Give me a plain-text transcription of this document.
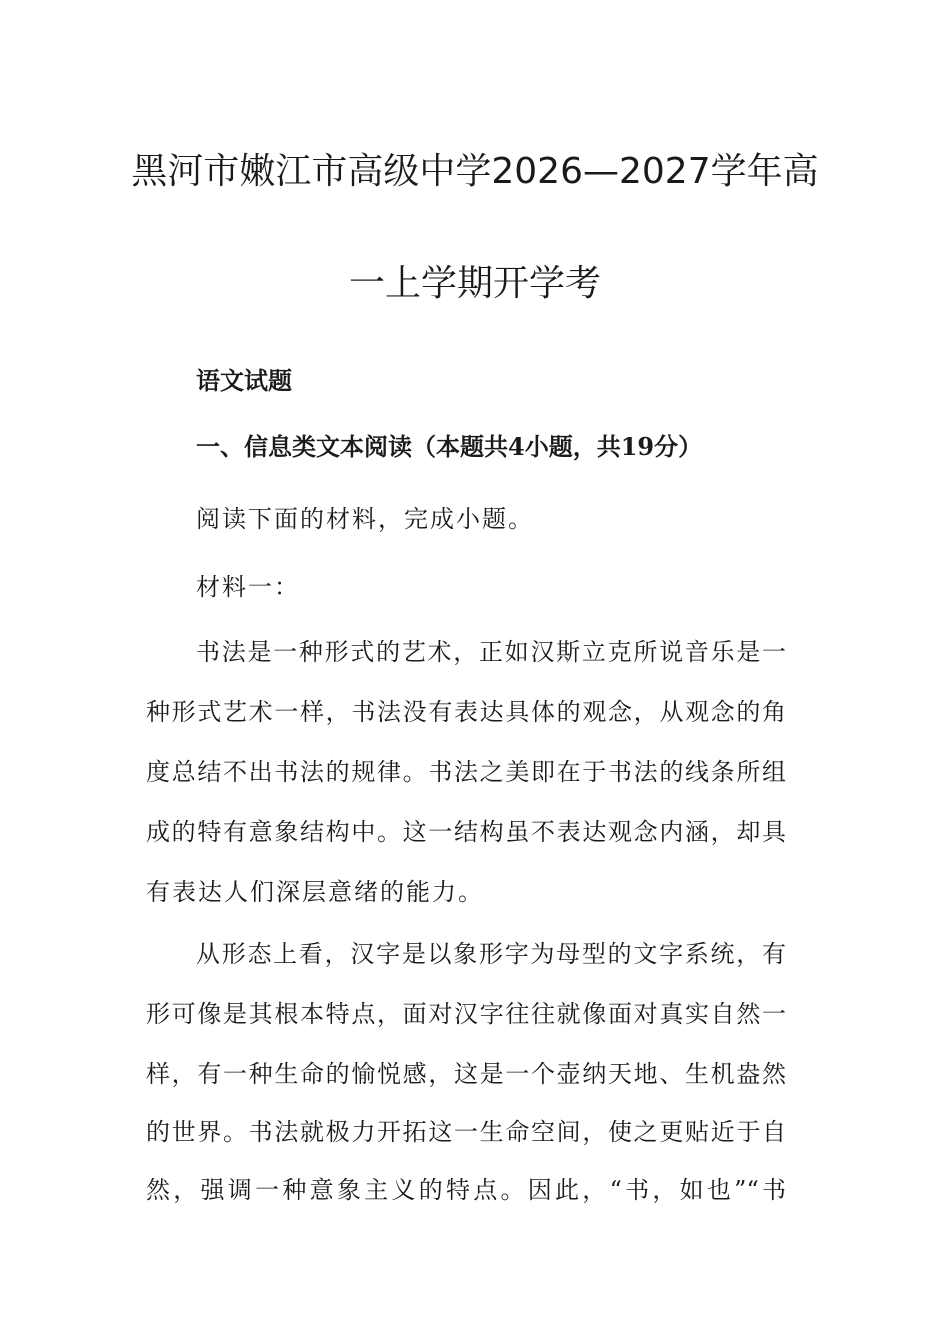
黑河市嫩江市高级中学2026—2027学年高
一上学期开学考
语文试题
一、信息类文本阅读（本题共4小题，共19分）
阅读下面的材料，完成小题。
材料一：
书法是一种形式的艺术，正如汉斯立克所说音乐是一
种形式艺术一样，书法没有表达具体的观念，从观念的角
度总结不出书法的规律。书法之美即在于书法的线条所组
成的特有意象结构中。这一结构虽不表达观念内涵，却具
有表达人们深层意绪的能力。
从形态上看，汉字是以象形字为母型的文字系统，有
形可像是其根本特点，面对汉字往往就像面对真实自然一
样，有一种生命的愉悦感，这是一个壶纳天地、生机盎然
的世界。书法就极力开拓这一生命空间，使之更贴近于自
然，强调一种意象主义的特点。因此，“书，如也”“书
